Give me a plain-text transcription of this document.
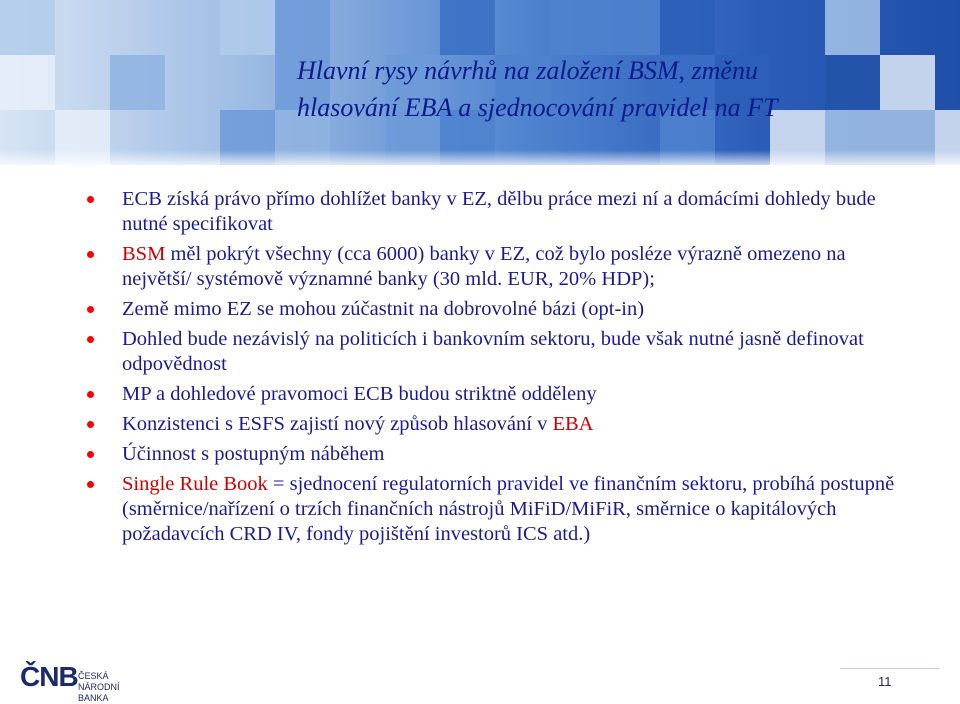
Hlavní rysy návrhů na založení BSM, změnu
hlasování EBA a sjednocování pravidel na FT
ECB získá právo přímo dohlížet banky v EZ, dělbu práce mezi ní a domácími dohledy bude nutné specifikovat
BSM měl pokrýt všechny (cca 6000) banky v EZ, což bylo posléze výrazně omezeno na největší/ systémově významné banky (30 mld. EUR, 20% HDP);
Země mimo EZ se mohou zúčastnit na dobrovolné bázi (opt-in)
Dohled bude nezávislý na politicích i bankovním sektoru, bude však nutné jasně definovat odpovědnost
MP a dohledové pravomoci ECB budou striktně odděleny
Konzistenci s ESFS zajistí nový způsob hlasování v EBA
Účinnost s postupným náběhem
Single Rule Book = sjednocení regulatorních pravidel ve finančním sektoru, probíhá postupně (směrnice/nařízení o trzích finančních nástrojů MiFiD/MiFiR, směrnice o kapitálových požadavcích CRD IV, fondy pojištění investorů ICS atd.)
ČNB ČESKÁ
NÁRODNÍ BANKA
11
